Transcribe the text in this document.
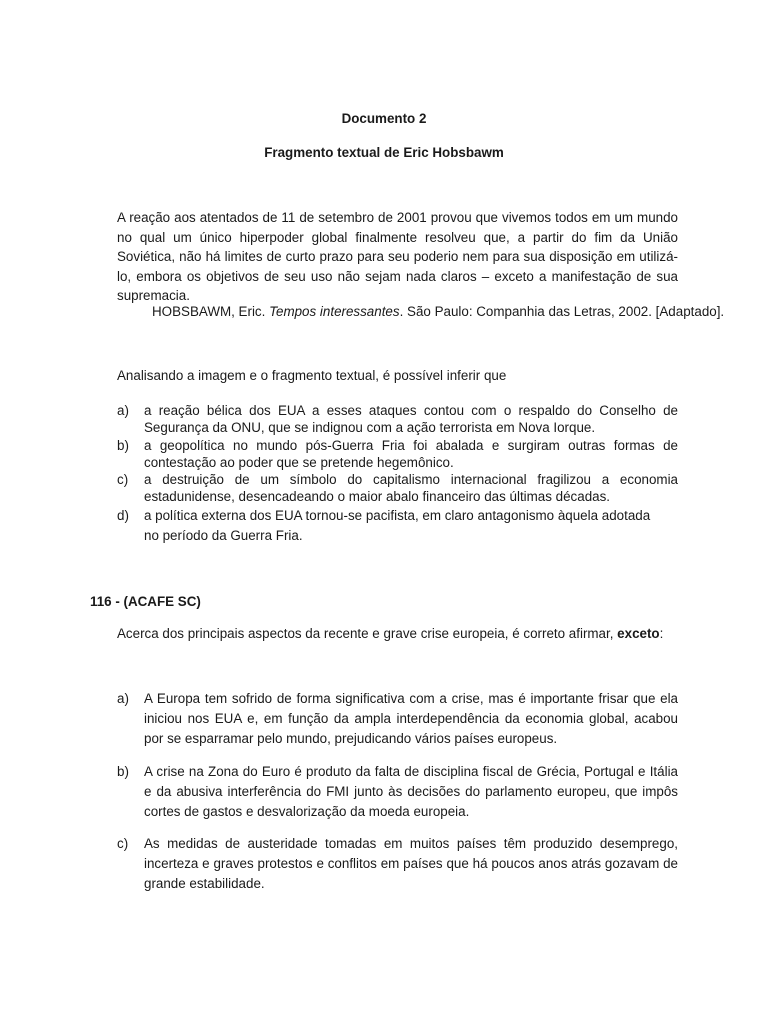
Documento 2
Fragmento textual de Eric Hobsbawm
A reação aos atentados de 11 de setembro de 2001 provou que vivemos todos em um mundo no qual um único hiperpoder global finalmente resolveu que, a partir do fim da União Soviética, não há limites de curto prazo para seu poderio nem para sua disposição em utilizá-lo, embora os objetivos de seu uso não sejam nada claros – exceto a manifestação de sua supremacia.
HOBSBAWM, Eric. Tempos interessantes. São Paulo: Companhia das Letras, 2002. [Adaptado].
Analisando a imagem e o fragmento textual, é possível inferir que
a) a reação bélica dos EUA a esses ataques contou com o respaldo do Conselho de Segurança da ONU, que se indignou com a ação terrorista em Nova Iorque.
b) a geopolítica no mundo pós-Guerra Fria foi abalada e surgiram outras formas de contestação ao poder que se pretende hegemônico.
c) a destruição de um símbolo do capitalismo internacional fragilizou a economia estadunidense, desencadeando o maior abalo financeiro das últimas décadas.
d) a política externa dos EUA tornou-se pacifista, em claro antagonismo àquela adotada no período da Guerra Fria.
116 - (ACAFE SC)
Acerca dos principais aspectos da recente e grave crise europeia, é correto afirmar, exceto:
a) A Europa tem sofrido de forma significativa com a crise, mas é importante frisar que ela iniciou nos EUA e, em função da ampla interdependência da economia global, acabou por se esparramar pelo mundo, prejudicando vários países europeus.
b) A crise na Zona do Euro é produto da falta de disciplina fiscal de Grécia, Portugal e Itália e da abusiva interferência do FMI junto às decisões do parlamento europeu, que impôs cortes de gastos e desvalorização da moeda europeia.
c) As medidas de austeridade tomadas em muitos países têm produzido desemprego, incerteza e graves protestos e conflitos em países que há poucos anos atrás gozavam de grande estabilidade.
